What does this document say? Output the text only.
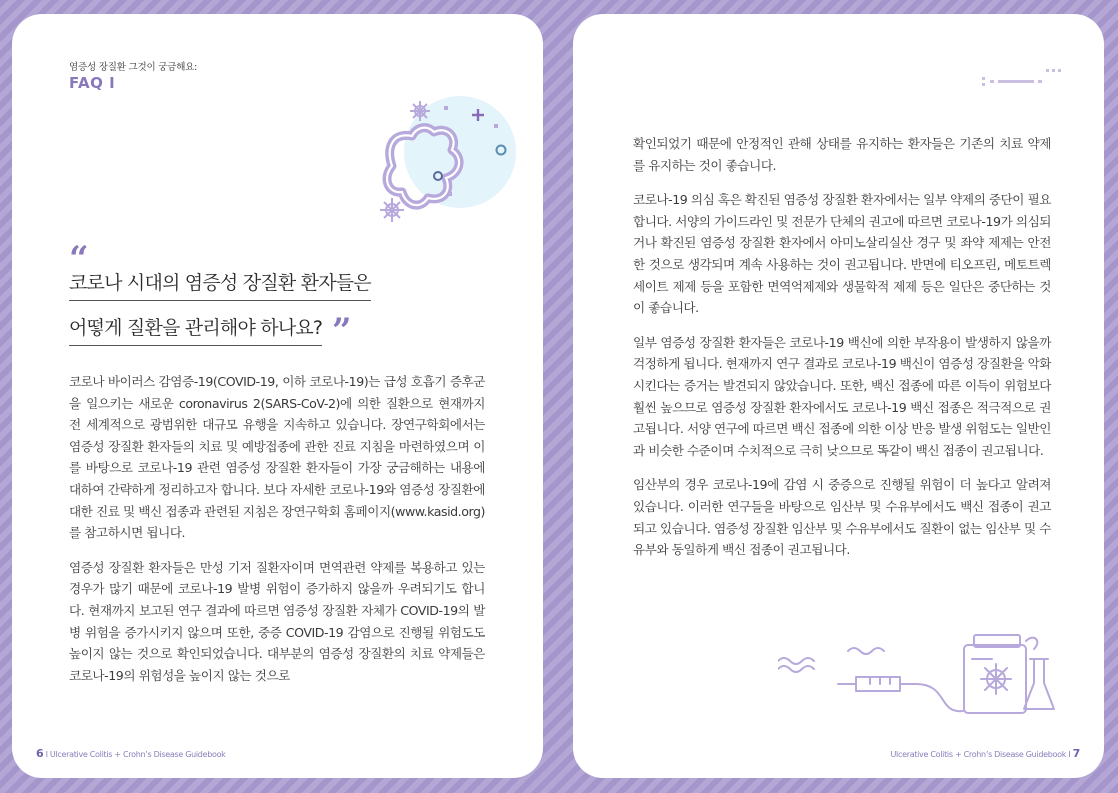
염증성 장질환 그것이 궁금해요:
FAQ I
“
코로나 시대의 염증성 장질환 환자들은
어떻게 질환을 관리해야 하나요? ”

코로나 바이러스 감염증-19(COVID-19, 이하 코로나-19)는 급성 호흡기 증후군을 일으키는 새로운 coronavirus 2(SARS-CoV-2)에 의한 질환으로 현재까지 전 세계적으로 광범위한 대규모 유행을 지속하고 있습니다. 장연구학회에서는 염증성 장질환 환자들의 치료 및 예방접종에 관한 진료 지침을 마련하였으며 이를 바탕으로 코로나-19 관련 염증성 장질환 환자들이 가장 궁금해하는 내용에 대하여 간략하게 정리하고자 합니다. 보다 자세한 코로나-19와 염증성 장질환에 대한 진료 및 백신 접종과 관련된 지침은 장연구학회 홈페이지(www.kasid.org)를 참고하시면 됩니다.

염증성 장질환 환자들은 만성 기저 질환자이며 면역관련 약제를 복용하고 있는 경우가 많기 때문에 코로나-19 발병 위험이 증가하지 않을까 우려되기도 합니다. 현재까지 보고된 연구 결과에 따르면 염증성 장질환 자체가 COVID-19의 발병 위험을 증가시키지 않으며 또한, 중증 COVID-19 감염으로 진행될 위험도도 높이지 않는 것으로 확인되었습니다. 대부분의 염증성 장질환의 치료 약제들은 코로나-19의 위험성을 높이지 않는 것으로

6 I Ulcerative Colitis + Crohn’s Disease Guidebook

확인되었기 때문에 안정적인 관해 상태를 유지하는 환자들은 기존의 치료 약제를 유지하는 것이 좋습니다.

코로나-19 의심 혹은 확진된 염증성 장질환 환자에서는 일부 약제의 중단이 필요합니다. 서양의 가이드라인 및 전문가 단체의 권고에 따르면 코로나-19가 의심되거나 확진된 염증성 장질환 환자에서 아미노살리실산 경구 및 좌약 제제는 안전한 것으로 생각되며 계속 사용하는 것이 권고됩니다. 반면에 티오프린, 메토트렉세이트 제제 등을 포함한 면역억제제와 생물학적 제제 등은 일단은 중단하는 것이 좋습니다.

일부 염증성 장질환 환자들은 코로나-19 백신에 의한 부작용이 발생하지 않을까 걱정하게 됩니다. 현재까지 연구 결과로 코로나-19 백신이 염증성 장질환을 악화시킨다는 증거는 발견되지 않았습니다. 또한, 백신 접종에 따른 이득이 위험보다 훨씬 높으므로 염증성 장질환 환자에서도 코로나-19 백신 접종은 적극적으로 권고됩니다. 서양 연구에 따르면 백신 접종에 의한 이상 반응 발생 위험도는 일반인과 비슷한 수준이며 수치적으로 극히 낮으므로 똑같이 백신 접종이 권고됩니다.

임산부의 경우 코로나-19에 감염 시 중증으로 진행될 위험이 더 높다고 알려져 있습니다. 이러한 연구들을 바탕으로 임산부 및 수유부에서도 백신 접종이 권고되고 있습니다. 염증성 장질환 임산부 및 수유부에서도 질환이 없는 임산부 및 수유부와 동일하게 백신 접종이 권고됩니다.

Ulcerative Colitis + Crohn’s Disease Guidebook I 7
